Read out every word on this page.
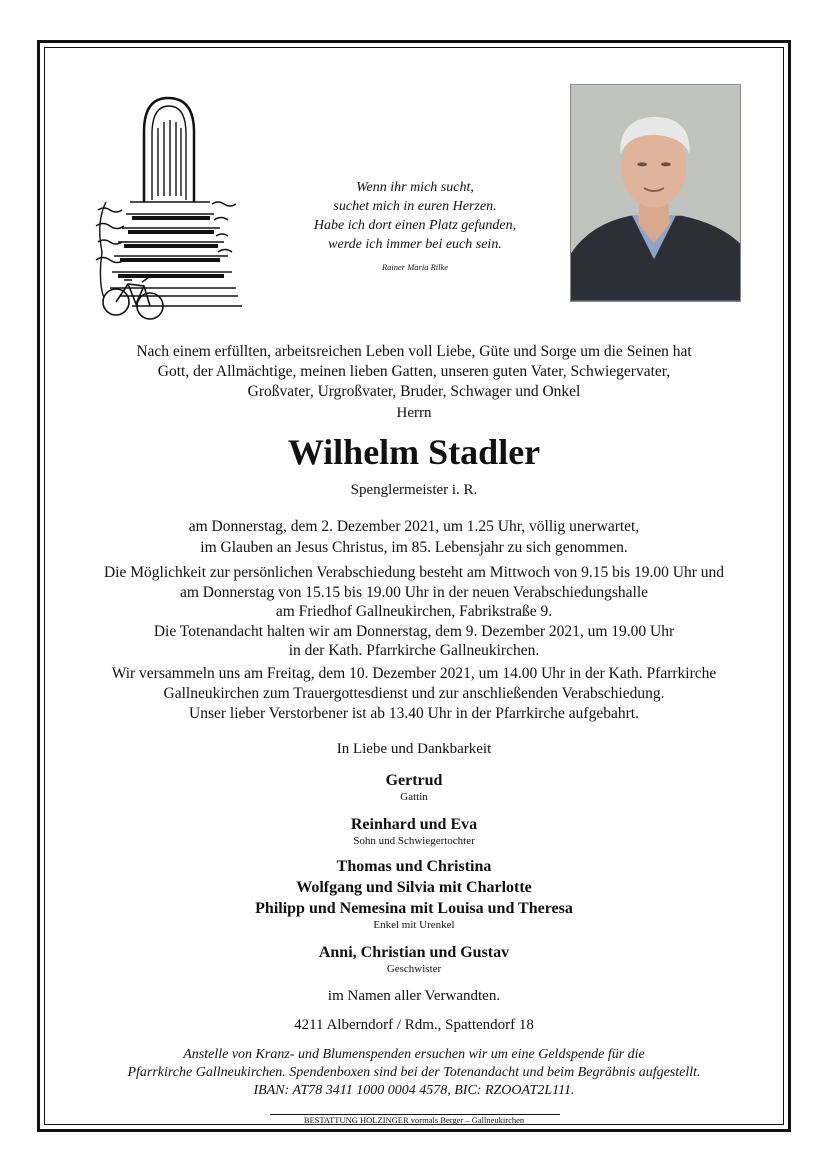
Wenn ihr mich sucht,
suchet mich in euren Herzen.
Habe ich dort einen Platz gefunden,
werde ich immer bei euch sein.
Rainer Maria Rilke
Nach einem erfüllten, arbeitsreichen Leben voll Liebe, Güte und Sorge um die Seinen hat
Gott, der Allmächtige, meinen lieben Gatten, unseren guten Vater, Schwiegervater,
Großvater, Urgroßvater, Bruder, Schwager und Onkel
Herrn
Wilhelm Stadler
Spenglermeister i. R.
am Donnerstag, dem 2. Dezember 2021, um 1.25 Uhr, völlig unerwartet,
im Glauben an Jesus Christus, im 85. Lebensjahr zu sich genommen.
Die Möglichkeit zur persönlichen Verabschiedung besteht am Mittwoch von 9.15 bis 19.00 Uhr und
am Donnerstag von 15.15 bis 19.00 Uhr in der neuen Verabschiedungshalle
am Friedhof Gallneukirchen, Fabrikstraße 9.
Die Totenandacht halten wir am Donnerstag, dem 9. Dezember 2021, um 19.00 Uhr
in der Kath. Pfarrkirche Gallneukirchen.
Wir versammeln uns am Freitag, dem 10. Dezember 2021, um 14.00 Uhr in der Kath. Pfarrkirche
Gallneukirchen zum Trauergottesdienst und zur anschließenden Verabschiedung.
Unser lieber Verstorbener ist ab 13.40 Uhr in der Pfarrkirche aufgebahrt.
In Liebe und Dankbarkeit
Gertrud
Gattin
Reinhard und Eva
Sohn und Schwiegertochter
Thomas und Christina
Wolfgang und Silvia mit Charlotte
Philipp und Nemesina mit Louisa und Theresa
Enkel mit Urenkel
Anni, Christian und Gustav
Geschwister
im Namen aller Verwandten.
4211 Alberndorf / Rdm., Spattendorf 18
Anstelle von Kranz- und Blumenspenden ersuchen wir um eine Geldspende für die
Pfarrkirche Gallneukirchen. Spendenboxen sind bei der Totenandacht und beim Begräbnis aufgestellt.
IBAN: AT78 3411 1000 0004 4578, BIC: RZOOAT2L111.
BESTATTUNG HOLZINGER vormals Berger – Gallneukirchen
